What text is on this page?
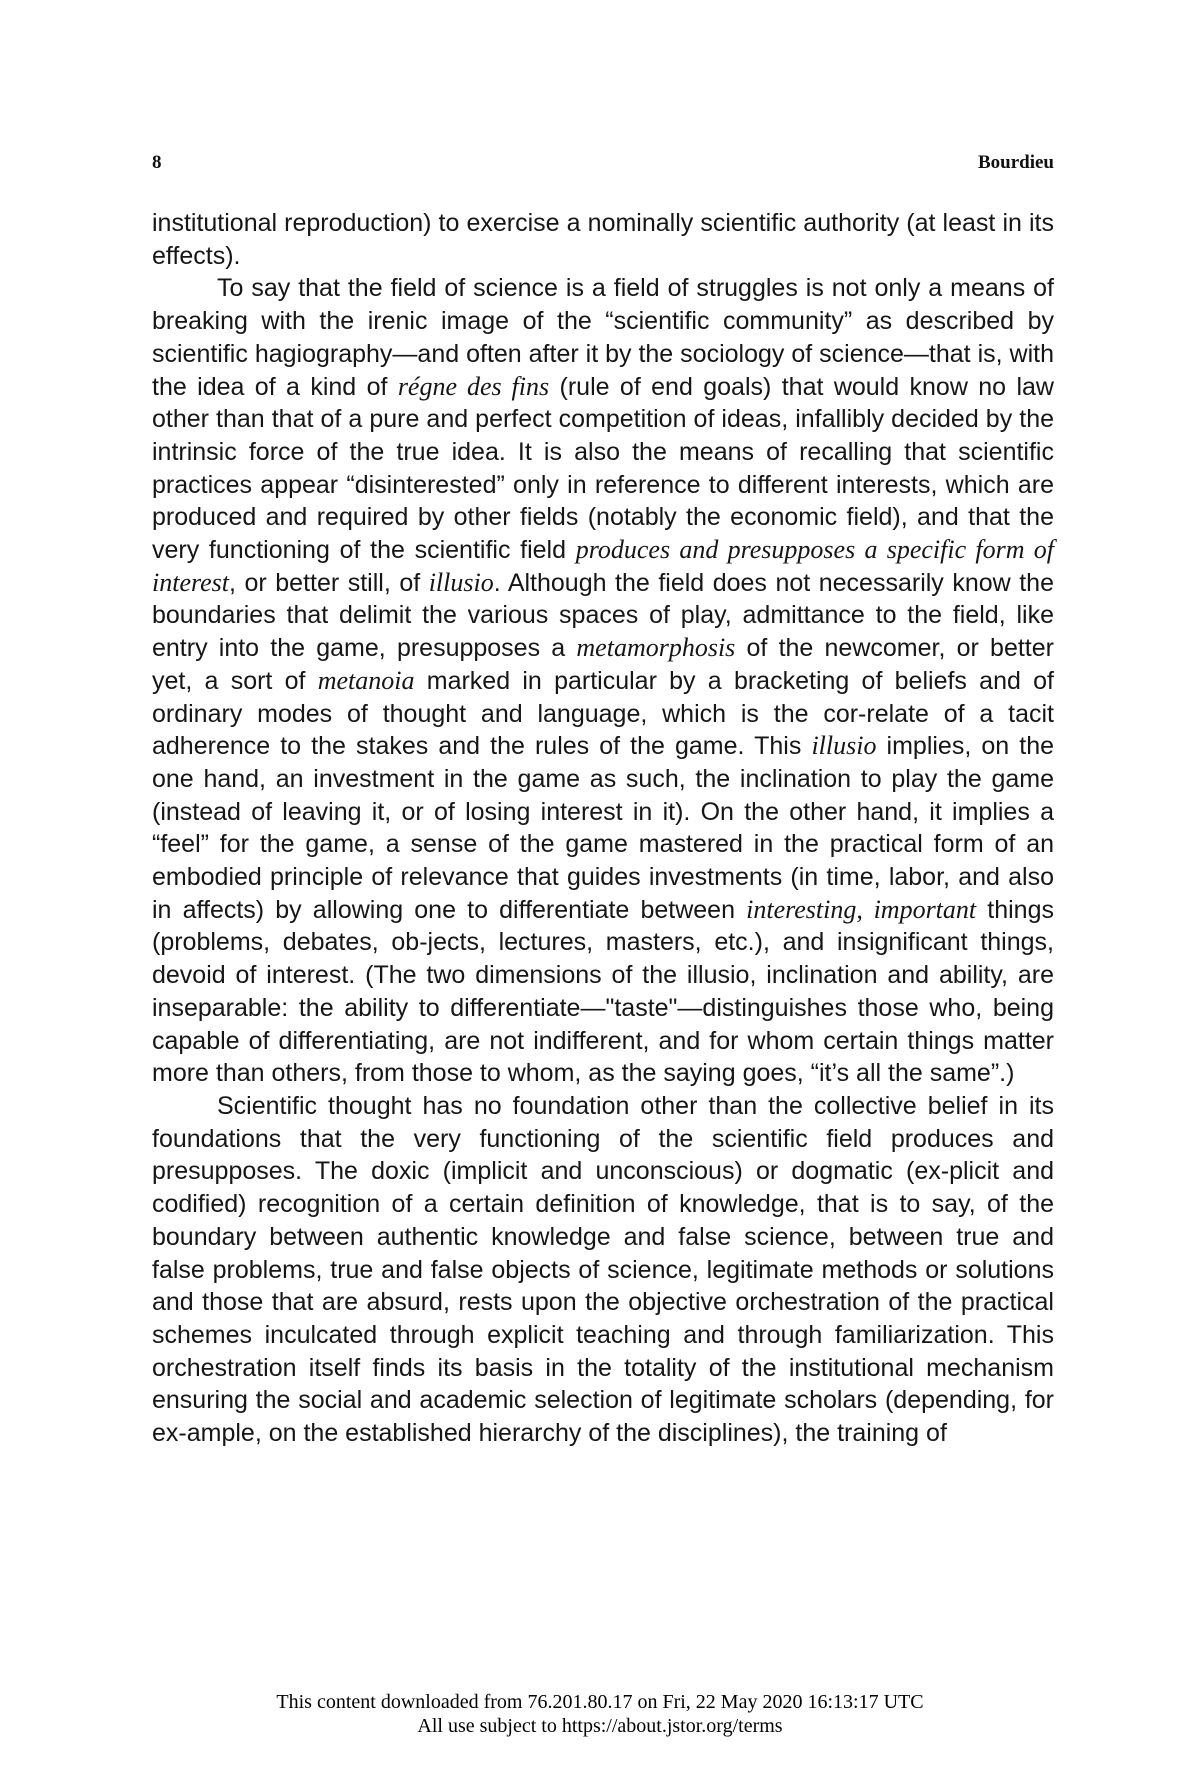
8	Bourdieu

institutional reproduction) to exercise a nominally scientific authority (at least in its effects).

To say that the field of science is a field of struggles is not only a means of breaking with the irenic image of the “scientific community” as described by scientific hagiography—and often after it by the sociology of science—that is, with the idea of a kind of régne des fins (rule of end goals) that would know no law other than that of a pure and perfect competition of ideas, infallibly decided by the intrinsic force of the true idea. It is also the means of recalling that scientific practices appear “disinterested” only in reference to different interests, which are produced and required by other fields (notably the economic field), and that the very functioning of the scientific field produces and presupposes a specific form of interest, or better still, of illusio. Although the field does not necessarily know the boundaries that delimit the various spaces of play, admittance to the field, like entry into the game, presupposes a metamorphosis of the newcomer, or better yet, a sort of metanoia marked in particular by a bracketing of beliefs and of ordinary modes of thought and language, which is the cor-relate of a tacit adherence to the stakes and the rules of the game. This illusio implies, on the one hand, an investment in the game as such, the inclination to play the game (instead of leaving it, or of losing interest in it). On the other hand, it implies a “feel” for the game, a sense of the game mastered in the practical form of an embodied principle of relevance that guides investments (in time, labor, and also in affects) by allowing one to differentiate between interesting, important things (problems, debates, ob-jects, lectures, masters, etc.), and insignificant things, devoid of interest. (The two dimensions of the illusio, inclination and ability, are inseparable: the ability to differentiate—"taste"—distinguishes those who, being capable of differentiating, are not indifferent, and for whom certain things matter more than others, from those to whom, as the saying goes, “it’s all the same”.)

Scientific thought has no foundation other than the collective belief in its foundations that the very functioning of the scientific field produces and presupposes. The doxic (implicit and unconscious) or dogmatic (ex-plicit and codified) recognition of a certain definition of knowledge, that is to say, of the boundary between authentic knowledge and false science, between true and false problems, true and false objects of science, legitimate methods or solutions and those that are absurd, rests upon the objective orchestration of the practical schemes inculcated through explicit teaching and through familiarization. This orchestration itself finds its basis in the totality of the institutional mechanism ensuring the social and academic selection of legitimate scholars (depending, for ex-ample, on the established hierarchy of the disciplines), the training of

This content downloaded from 76.201.80.17 on Fri, 22 May 2020 16:13:17 UTC
All use subject to https://about.jstor.org/terms
